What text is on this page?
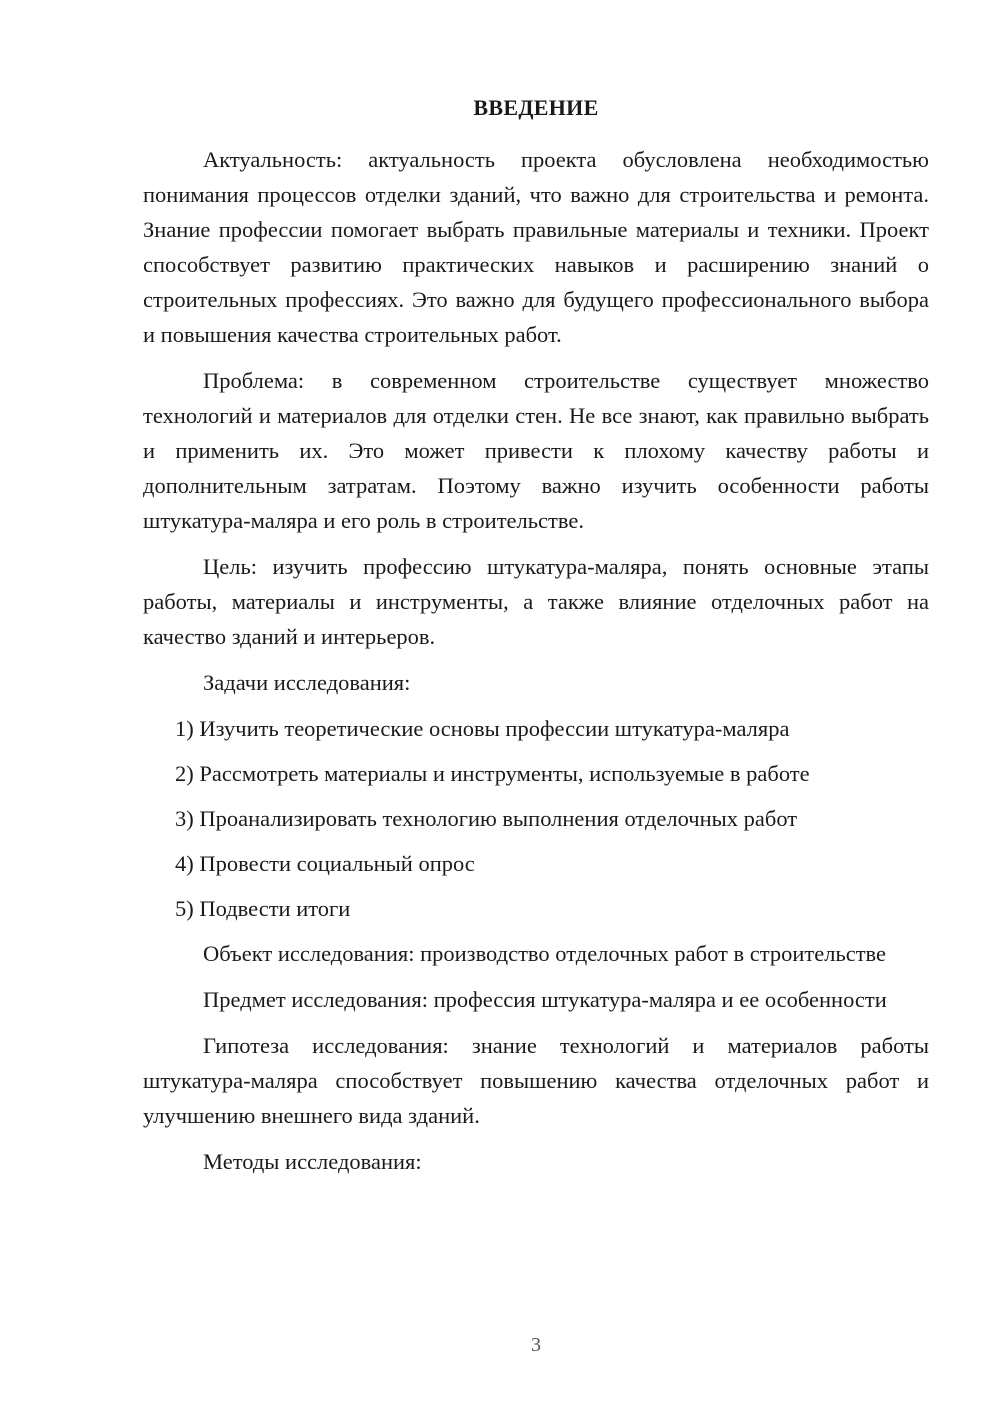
ВВЕДЕНИЕ

Актуальность: актуальность проекта обусловлена необходимостью понимания процессов отделки зданий, что важно для строительства и ремонта. Знание профессии помогает выбрать правильные материалы и техники. Проект способствует развитию практических навыков и расширению знаний о строительных профессиях. Это важно для будущего профессионального выбора и повышения качества строительных работ.

Проблема: в современном строительстве существует множество технологий и материалов для отделки стен. Не все знают, как правильно выбрать и применить их. Это может привести к плохому качеству работы и дополнительным затратам. Поэтому важно изучить особенности работы штукатура-маляра и его роль в строительстве.

Цель: изучить профессию штукатура-маляра, понять основные этапы работы, материалы и инструменты, а также влияние отделочных работ на качество зданий и интерьеров.

Задачи исследования:

1) Изучить теоретические основы профессии штукатура-маляра
2) Рассмотреть материалы и инструменты, используемые в работе
3) Проанализировать технологию выполнения отделочных работ
4) Провести социальный опрос
5) Подвести итоги

Объект исследования: производство отделочных работ в строительстве

Предмет исследования: профессия штукатура-маляра и ее особенности

Гипотеза исследования: знание технологий и материалов работы штукатура-маляра способствует повышению качества отделочных работ и улучшению внешнего вида зданий.

Методы исследования:

3
